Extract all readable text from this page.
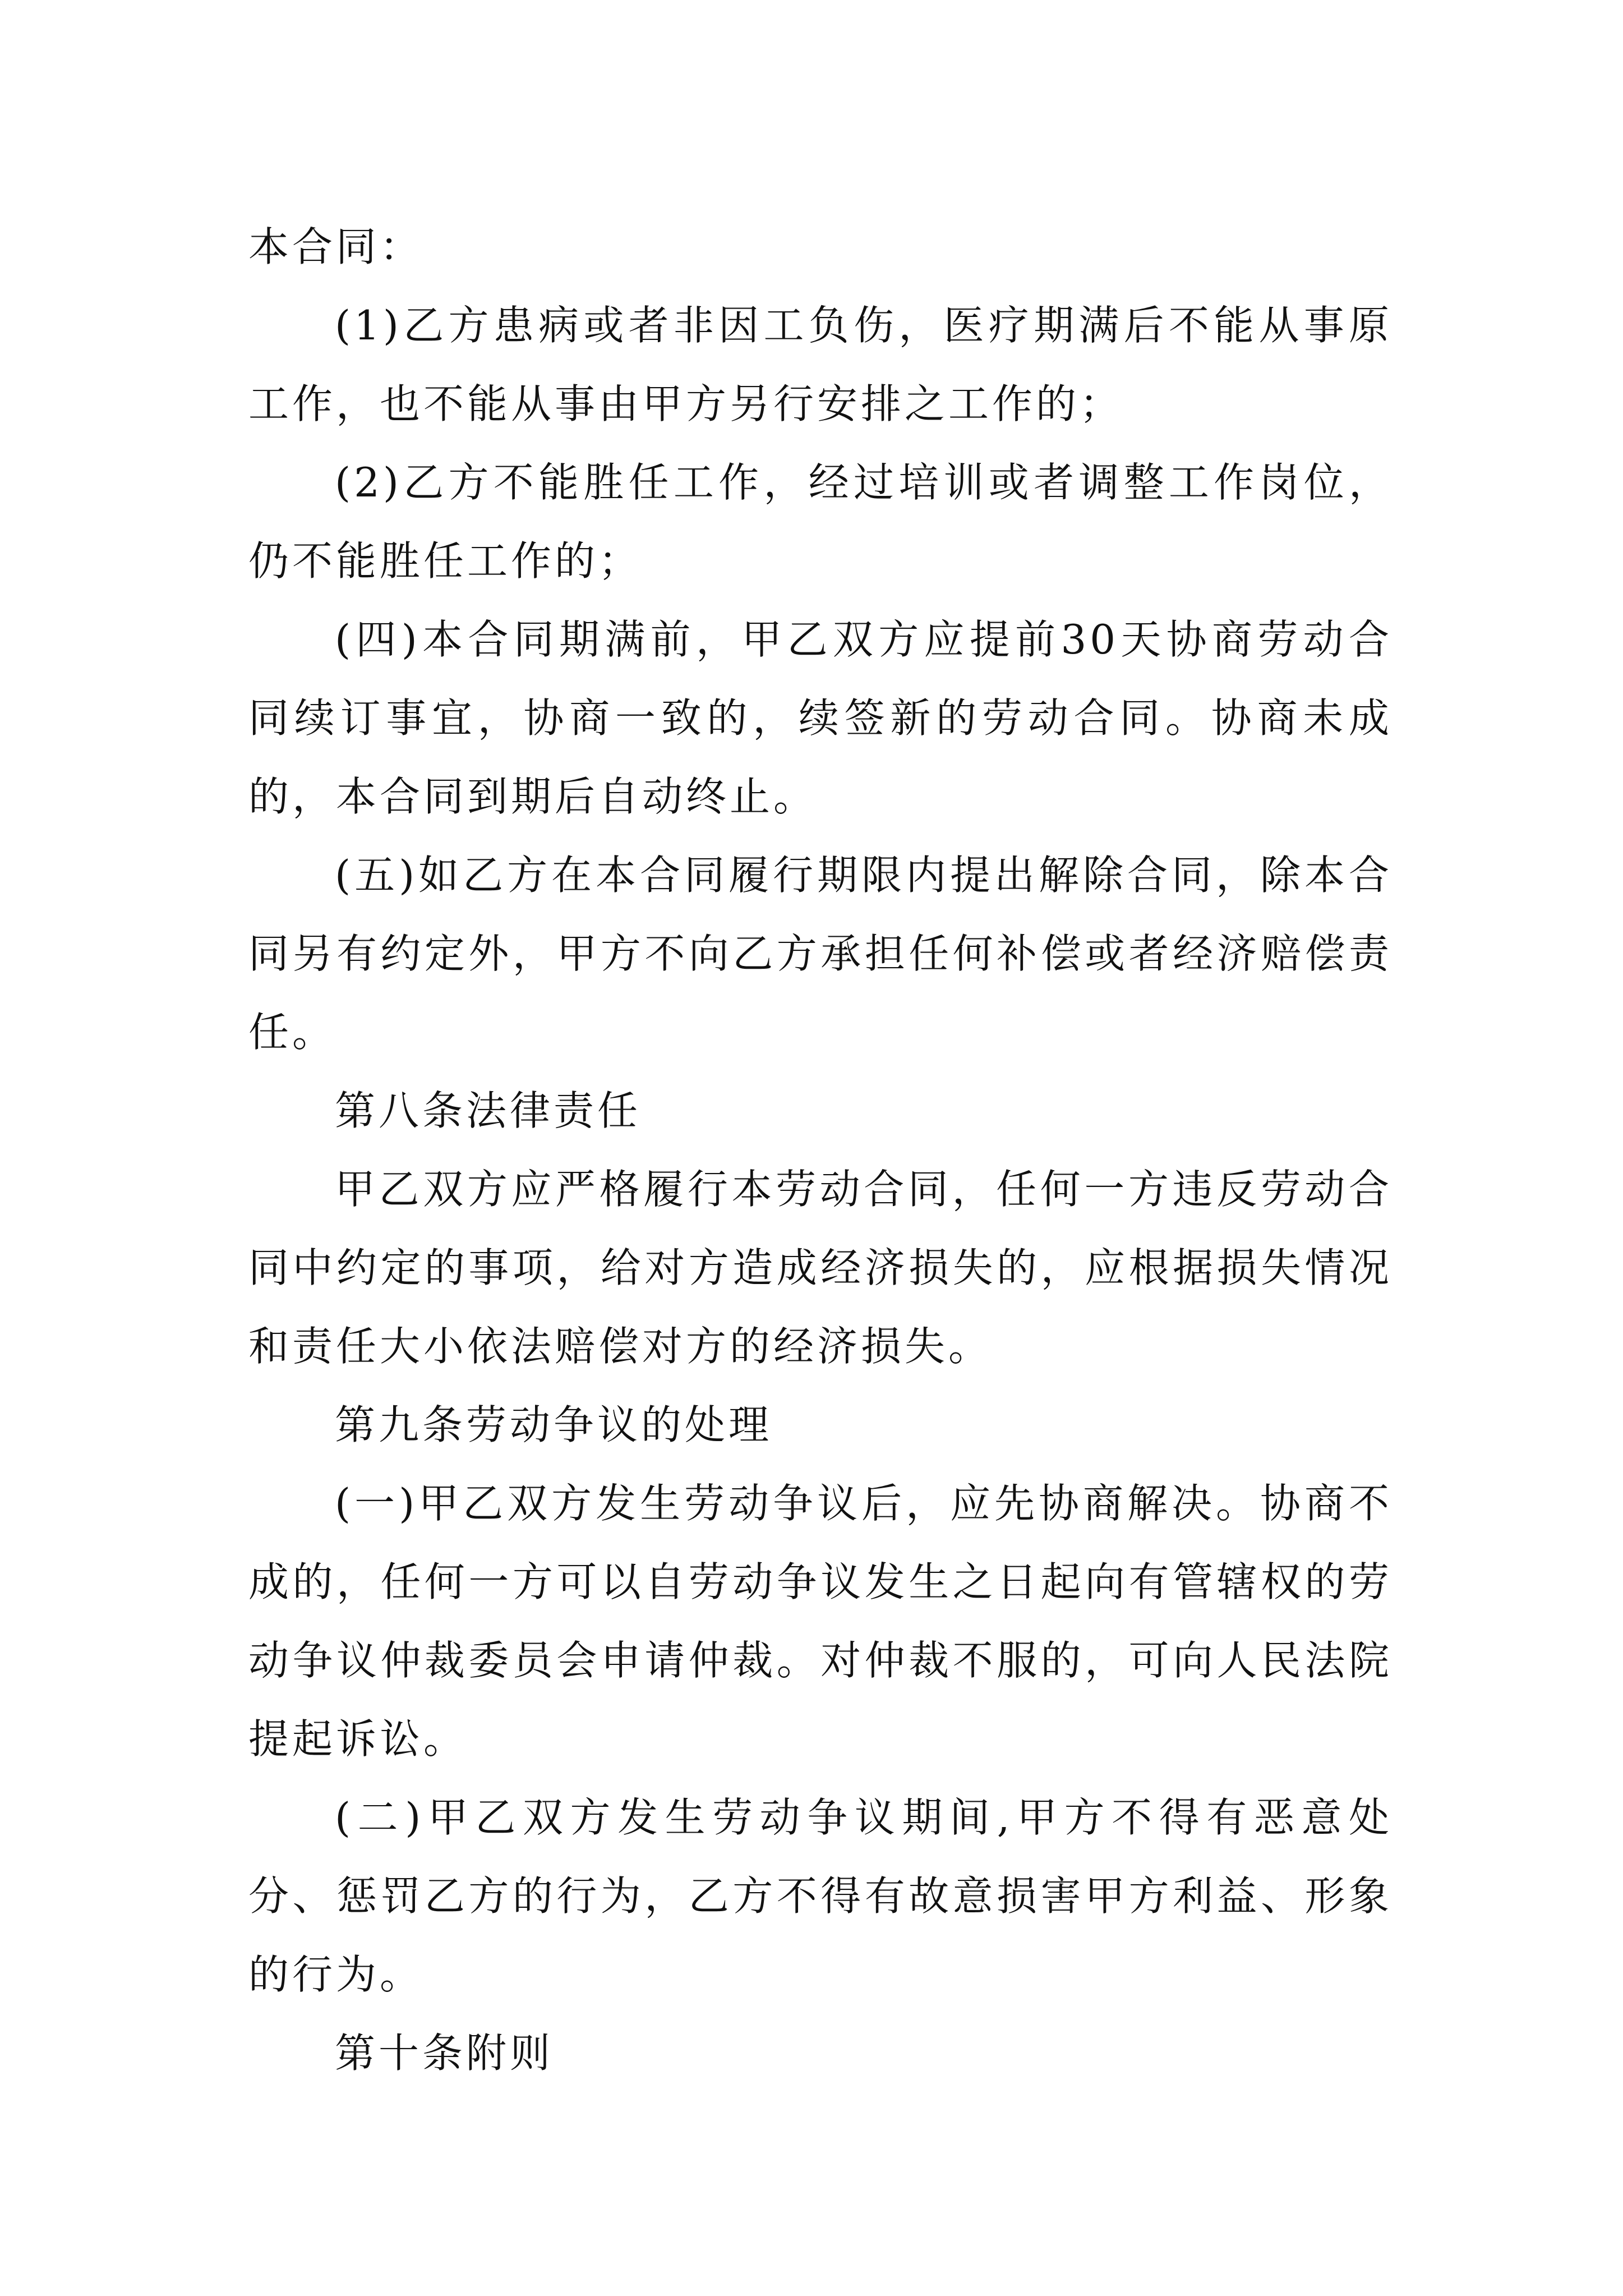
本合同：

(1)乙方患病或者非因工负伤，医疗期满后不能从事原工作，也不能从事由甲方另行安排之工作的；

(2)乙方不能胜任工作，经过培训或者调整工作岗位，仍不能胜任工作的；

(四)本合同期满前，甲乙双方应提前30天协商劳动合同续订事宜，协商一致的，续签新的劳动合同。协商未成的，本合同到期后自动终止。

(五)如乙方在本合同履行期限内提出解除合同，除本合同另有约定外，甲方不向乙方承担任何补偿或者经济赔偿责任。

第八条法律责任

甲乙双方应严格履行本劳动合同，任何一方违反劳动合同中约定的事项，给对方造成经济损失的，应根据损失情况和责任大小依法赔偿对方的经济损失。

第九条劳动争议的处理

(一)甲乙双方发生劳动争议后，应先协商解决。协商不成的，任何一方可以自劳动争议发生之日起向有管辖权的劳动争议仲裁委员会申请仲裁。对仲裁不服的，可向人民法院提起诉讼。

(二)甲乙双方发生劳动争议期间,甲方不得有恶意处分、惩罚乙方的行为，乙方不得有故意损害甲方利益、形象的行为。

第十条附则
